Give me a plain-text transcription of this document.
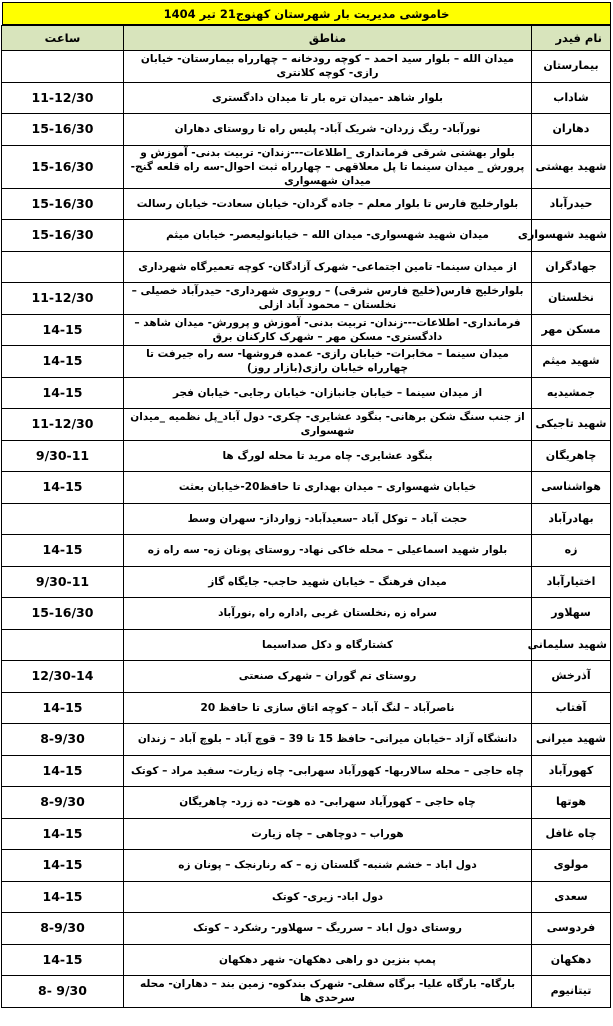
خاموشی مدیریت بار شهرستان کهنوج21 تیر 1404
نام فیدر	مناطق	ساعت
بیمارستان	میدان الله – بلوار سید احمد – کوچه رودخانه – چهارراه بیمارستان- خیابان رازی- کوچه کلانتری	
شاداب	بلوار شاهد -میدان تره بار تا میدان دادگستری	11-12/30
دهاران	نورآباد- ریگ زردان- شریک آباد- پلیس راه تا روستای دهاران	15-16/30
شهید بهشتی	بلوار بهشتی شرقی فرمانداری _اطلاعات---زندان- تربیت بدنی- آموزش و پرورش _ میدان سینما تا پل معلاقهی – چهارراه ثبت احوال-سه راه قلعه گنج- میدان شهسواری	15-16/30
حیدرآباد	بلوارخلیج فارس تا بلوار معلم – جاده گردان- خیابان سعادت- خیابان رسالت	15-16/30
شهید شهسواری	میدان شهید شهسواری- میدان الله – خیابانولیعصر- خیابان میثم	15-16/30
جهادگران	از میدان سینما- تامین اجتماعی- شهرک آزادگان- کوچه تعمیرگاه شهرداری	
نخلستان	بلوارخلیج فارس(خلیج فارس شرقی) – روبروی شهرداری- حیدرآباد خصیلی – نخلستان – محمود آباد ازلی	11-12/30
مسکن مهر	فرمانداری- اطلاعات---زندان- تربیت بدنی- آموزش و پرورش- میدان شاهد – دادگستری- مسکن مهر – شهرک کارکنان برق	14-15
شهید میثم	میدان سینما – مخابرات- خیابان رازی- عمده فروشها- سه راه جیرفت تا چهارراه خیابان رازی(بازار روز)	14-15
جمشیدیه	از میدان سینما – خیابان جانبازان- خیابان رجایی- خیابان فجر	14-15
شهید تاجیکی	از جنب سنگ شکن برهانی- بنگود عشایری- چکری- دول آباد_پل نظمیه _میدان شهسواری	11-12/30
چاهریگان	بنگود عشایری- چاه مرید تا محله لورگ ها	9/30-11
هواشناسی	خیابان شهسواری – میدان بهداری تا حافظ20-خیابان بعثت	14-15
بهادرآباد	حجت آباد – توکل آباد –سعیدآباد- زوارداز- سهران وسط	
زه	بلوار شهید اسماعیلی – محله خاکی نهاد- روستای پونان زه- سه راه زه	14-15
اختیارآباد	میدان فرهنگ – خیابان شهید حاجب- جایگاه گاز	9/30-11
سهلاور	سراه زه ,نخلستان غربی ,اداره راه ,نورآباد	15-16/30
شهید سلیمانی	کشتارگاه و دکل صداسیما	
آذرخش	روستای تم گوران – شهرک صنعتی	12/30-14
آفتاب	ناصرآباد – لنگ آباد – کوچه اتاق سازی تا حافظ 20	14-15
شهید میرانی	دانشگاه آزاد –خیابان میرانی- حافظ 15 تا 39 – قوچ آباد – بلوچ آباد – زندان	8-9/30
کهورآباد	چاه حاجی – محله سالاربها- کهورآباد سهرابی- چاه زیارت- سفید مراد – کوتک	14-15
هوتها	چاه حاجی – کهورآباد سهرابی- ده هوت- ده زرد- چاهریگان	8-9/30
چاه غافل	هوراب – دوچاهی – چاه زیارت	14-15
مولوی	دول اباد – خشم شنبه- گلستان زه – که رنارنجک – پونان زه	14-15
سعدی	دول اباد- زیری- کوتک	14-15
فردوسی	روستای دول اباد – سرریگ – سهلاور- رشکرد – کوتک	8-9/30
دهکهان	پمپ بنزین دو راهی دهکهان- شهر دهکهان	14-15
تیتانیوم	بارگاه- بارگاه علیا- برگاه سفلی- شهرک بندکوه- زمین بند – دهاران- محله سرحدی ها	8- 9/30
